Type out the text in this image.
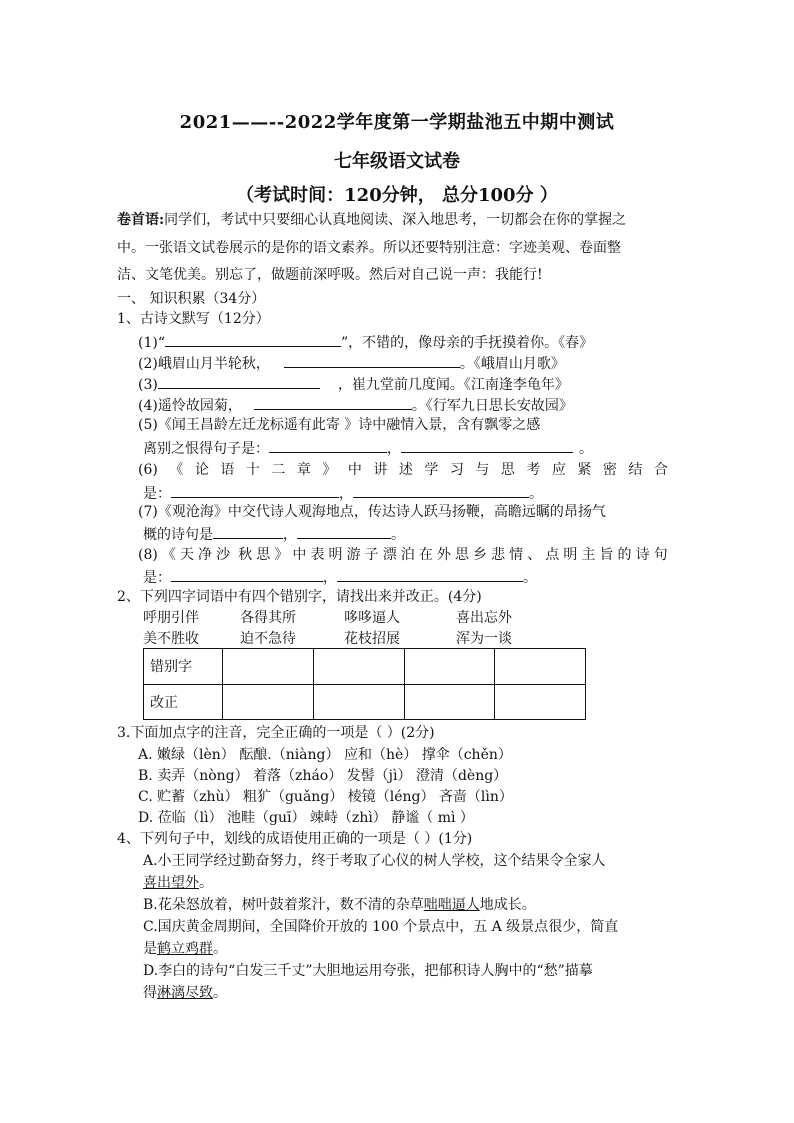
2021——--2022学年度第一学期盐池五中期中测试
七年级语文试卷
（考试时间：120分钟， 总分100分 ）
卷首语:同学们，考试中只要细心认真地阅读、深入地思考，一切都会在你的掌握之
中。一张语文试卷展示的是你的语文素养。所以还要特别注意：字迹美观、卷面整
洁、文笔优美。别忘了，做题前深呼吸。然后对自己说一声：我能行!
一、 知识积累（34分）
1、古诗文默写（12分）
(1)“	”，不错的，像母亲的手抚摸着你。《春》
(2)峨眉山月半轮秋，	。《峨眉山月歌》
(3)	，崔九堂前几度闻。《江南逢李龟年》
(4)遥怜故园菊，	。《行军九日思长安故园》
(5)《闻王昌龄左迁龙标遥有此寄 》诗中融情入景，含有飘零之感
离别之恨得句子是：	，	。
(6) 《 论 语 十 二 章 》 中 讲 述 学 习 与 思 考 应 紧 密 结 合
是：	，	。
(7)《观沧海》中交代诗人观海地点，传达诗人跃马扬鞭，高瞻远瞩的昂扬气
概的诗句是	，	。
(8) 《 天 净 沙 秋 思 》 中 表 明 游 子 漂 泊 在 外 思 乡 悲 情 、 点 明 主 旨 的 诗 句
是：	，	。
2、下列四字词语中有四个错别字，请找出来并改正。(4分)
呼朋引伴	各得其所	哆哆逼人	喜出忘外
美不胜收	迫不急待	花枝招展	浑为一谈
错别字				
改正				
3.下面加点字的注音，完全正确的一项是（ ）(2分)
A. 嫩绿（lèn） 酝酿.（niàng） 应和（hè） 撑伞（chěn）
B. 卖弄（nòng） 着落（zháo） 发髻（jì） 澄清（dèng）
C. 贮蓄（zhù） 粗犷（guǎng） 棱镜（léng） 吝啬（lìn）
D. 莅临（lì） 池畦（guī） 竦峙（zhì） 静谧（ mì ）
4、下列句子中，划线的成语使用正确的一项是（ ）(1分)
A.小王同学经过勤奋努力，终于考取了心仪的树人学校，这个结果令全家人
喜出望外。
B.花朵怒放着，树叶鼓着浆汁，数不清的杂草咄咄逼人地成长。
C.国庆黄金周期间，全国降价开放的 100 个景点中，五 A 级景点很少，简直
是鹤立鸡群。
D.李白的诗句“白发三千丈”大胆地运用夸张，把郁积诗人胸中的“愁”描摹
得淋漓尽致。
